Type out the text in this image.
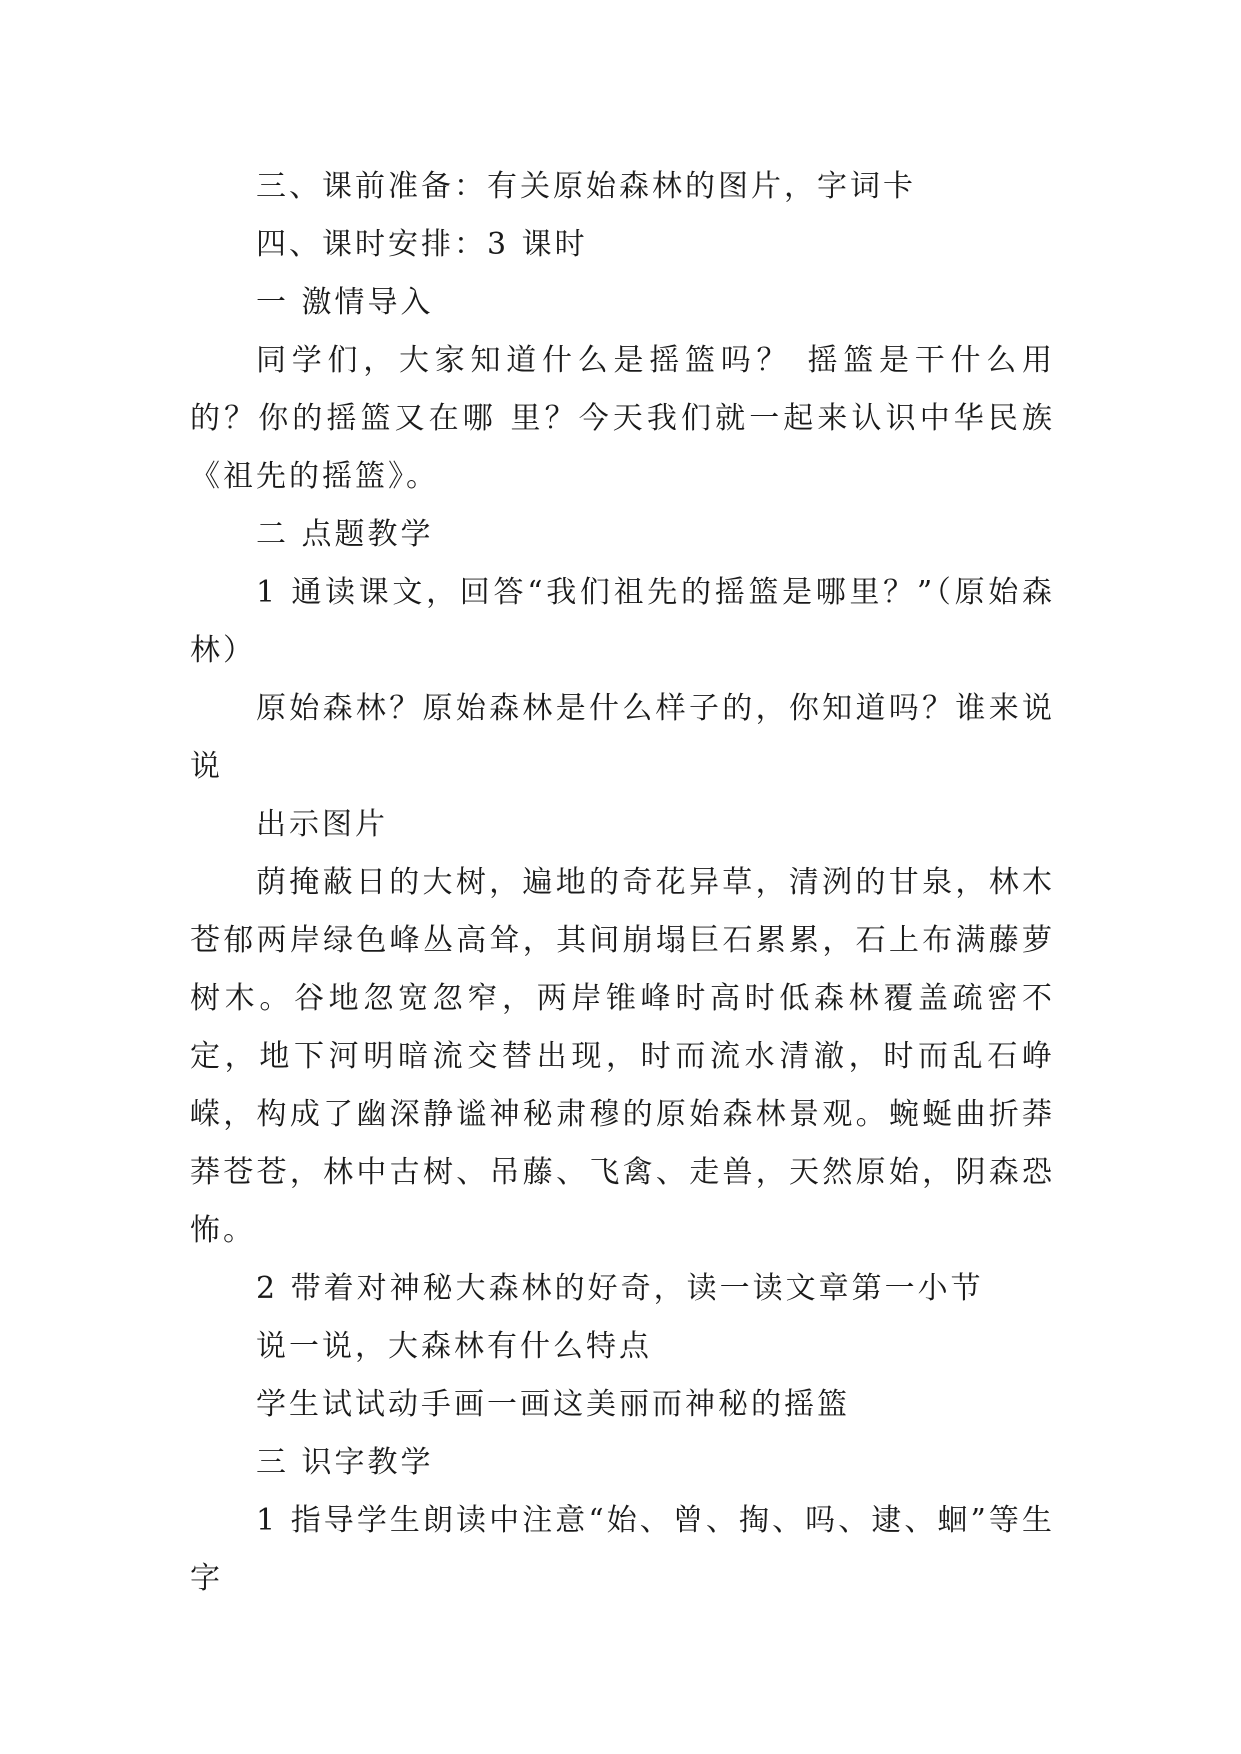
三、课前准备：有关原始森林的图片，字词卡

四、课时安排：3 课时

一 激情导入

同学们，大家知道什么是摇篮吗？ 摇篮是干什么用的？你的摇篮又在哪 里？今天我们就一起来认识中华民族《祖先的摇篮》。

二 点题教学

1 通读课文，回答“我们祖先的摇篮是哪里？”（原始森林）

原始森林？原始森林是什么样子的，你知道吗？谁来说说

出示图片

荫掩蔽日的大树，遍地的奇花异草，清洌的甘泉，林木苍郁两岸绿色峰丛高耸，其间崩塌巨石累累，石上布满藤萝树木。谷地忽宽忽窄，两岸锥峰时高时低森林覆盖疏密不定，地下河明暗流交替出现，时而流水清澈，时而乱石峥嵘，构成了幽深静谧神秘肃穆的原始森林景观。蜿蜒曲折莽莽苍苍，林中古树、吊藤、飞禽、走兽，天然原始，阴森恐怖。

2 带着对神秘大森林的好奇，读一读文章第一小节

说一说，大森林有什么特点

学生试试动手画一画这美丽而神秘的摇篮

三 识字教学

1 指导学生朗读中注意“始、曾、掏、吗、逮、蛔”等生字
